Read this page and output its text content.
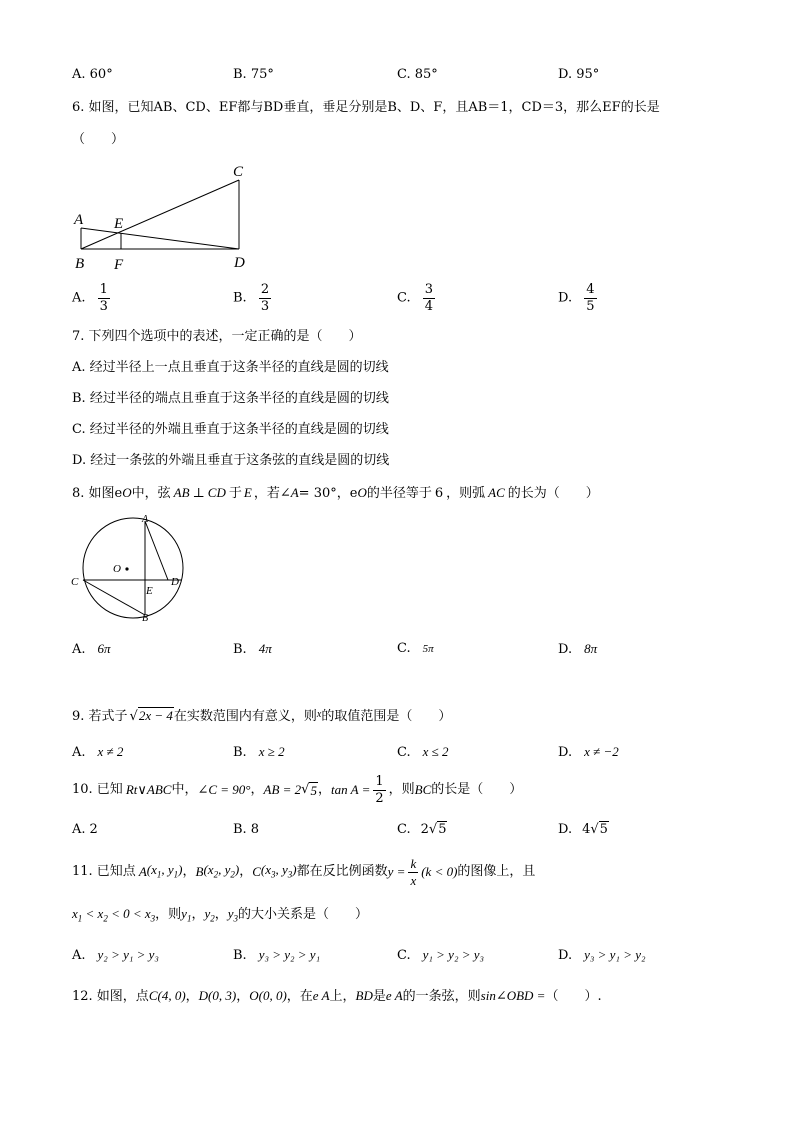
A. 60°	B. 75°	C. 85°	D. 95°
6. 如图，已知AB、CD、EF都与BD垂直，垂足分别是B、D、F，且AB＝1，CD＝3，那么EF的长是
（　　）
A E
C
B F	D
A. $\frac{1}{3}$	B. $\frac{2}{3}$	C. $\frac{3}{4}$	D. $\frac{4}{5}$
7. 下列四个选项中的表述，一定正确的是（　　）
A. 经过半径上一点且垂直于这条半径的直线是圆的切线
B. 经过半径的端点且垂直于这条半径的直线是圆的切线
C. 经过半径的外端且垂直于这条半径的直线是圆的切线
D. 经过一条弦的外端且垂直于这条弦的直线是圆的切线
8. 如图eO中，弦 AB ⊥ CD 于 E ，若∠A= 30°，eO的半径等于 6 ，则弧 AC 的长为（　　）
A
O
C	D
E
B
A. 6π	B. 4π	C. 5π	D. 8π
9. 若式子 √2x − 4在实数范围内有意义，则$^x$的取值范围是（　　）
A. x ≠ 2	B. x ≥ 2	C. x ≤ 2	D. x ≠ −2
10. 已知 Rt∨ABC 中， ∠C = 90° ， AB = 2 √ 5 ， $\tan A = \frac{1}{2}$ ，则 BC 的长是（　　）
A. 2	B. 8	C. 2√5	D. 4√5
11. 已知点 A ($x_1$, $y_1$) ， B ($x_2$, $y_2$) ， C ($x_3$, $y_3$) 都在反比例函数 $y = \frac{k}{x} (k < 0)$ 的图像上，且
$x_1 < x_2 < 0 < x_3$，则$y_1$，$y_2$，$y_3$的大小关系是（　　）
A. y₂ > y₁ > y₃	B. y₃ > y₂ > y₁	C. y₁ > y₂ > y₃	D. y₃ > y₁ > y₂
12. 如图，点C(4, 0)，D(0, 3)，O(0, 0)，在e A上，BD是e A的一条弦，则sin∠OBD =（　　）.
